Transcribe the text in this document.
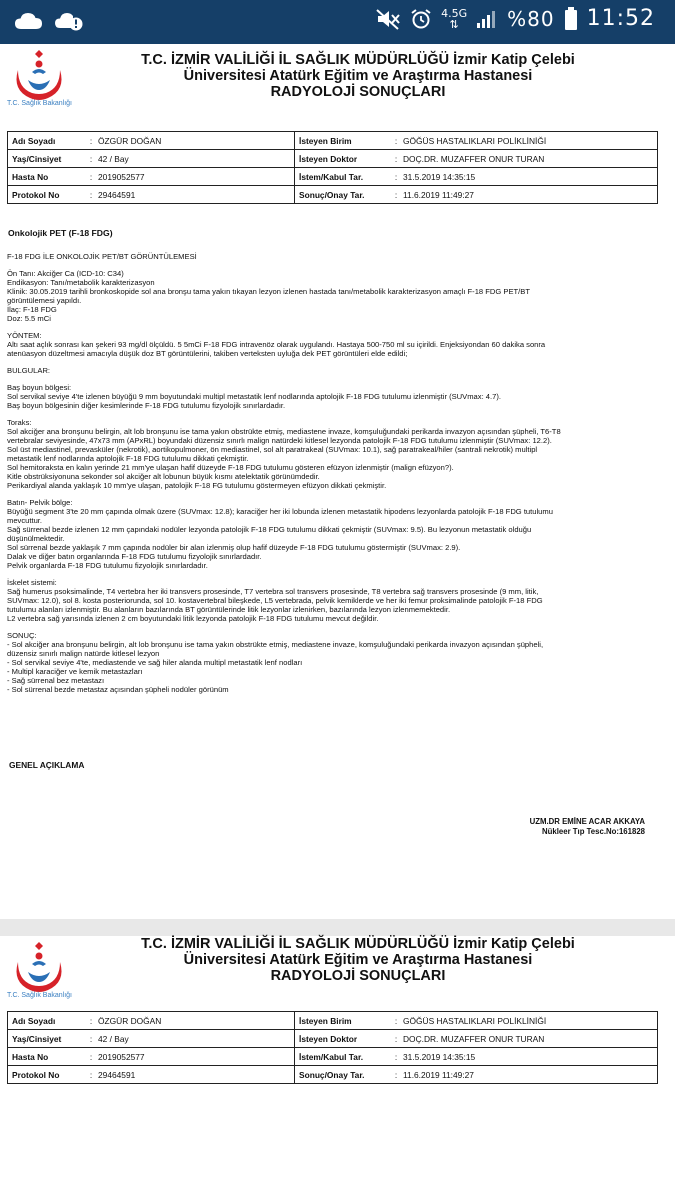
4.5G
⇅	%80 11:52
T.C. Sağlık Bakanlığı
T.C. İZMİR VALİLİĞİ İL SAĞLIK MÜDÜRLÜĞÜ İzmir Katip Çelebi
Üniversitesi Atatürk Eğitim ve Araştırma Hastanesi
RADYOLOJİ SONUÇLARI
Adı Soyadı	:	ÖZGÜR DOĞAN	İsteyen Birim	:	GÖĞÜS HASTALIKLARI POLİKLİNİĞİ
Yaş/Cinsiyet	:	42 / Bay	İsteyen Doktor	:	DOÇ.DR. MUZAFFER ONUR TURAN
Hasta No	:	2019052577	İstem/Kabul Tar.	:	31.5.2019 14:35:15
Protokol No	:	29464591	Sonuç/Onay Tar.	:	11.6.2019 11:49:27
Onkolojik PET (F-18 FDG)

F-18 FDG İLE ONKOLOJİK PET/BT GÖRÜNTÜLEMESİ

Ön Tanı: Akciğer Ca (ICD-10: C34)

Endikasyon: Tanı/metabolik karakterizasyon

Klinik: 30.05.2019 tarihli bronkoskopide sol ana bronşu tama yakın tıkayan lezyon izlenen hastada tanı/metabolik karakterizasyon amaçlı F-18 FDG PET/BT

görüntülemesi yapıldı.

İlaç: F-18 FDG

Doz: 5.5 mCi

YÖNTEM:

Altı saat açlık sonrası kan şekeri 93 mg/dl ölçüldü. 5 5mCi F-18 FDG intravenöz olarak uygulandı. Hastaya 500-750 ml su içirildi. Enjeksiyondan 60 dakika sonra

atenüasyon düzeltmesi amacıyla düşük doz BT görüntülerini, takiben verteksten uyluğa dek PET görüntüleri elde edildi;

BULGULAR:

Baş boyun bölgesi:

Sol servikal seviye 4'te izlenen büyüğü 9 mm boyutundaki multipl metastatik lenf nodlarında aptolojik F-18 FDG tutulumu izlenmiştir (SUVmax: 4.7).

Baş boyun bölgesinin diğer kesimlerinde F-18 FDG tutulumu fizyolojik sınırlardadır.

Toraks:

Sol akciğer ana bronşunu belirgin, alt lob bronşunu ise tama yakın obstrükte etmiş, mediastene invaze, komşuluğundaki perikarda invazyon açısından şüpheli, T6-T8

vertebralar seviyesinde, 47x73 mm (APxRL) boyundaki düzensiz sınırlı malign natürdeki kitlesel lezyonda patolojik F-18 FDG tutulumu izlenmiştir (SUVmax: 12.2).

Sol üst mediastinel, prevasküler (nekrotik), aortikopulmoner, ön mediastinel, sol alt paratrakeal (SUVmax: 10.1), sağ paratrakeal/hiler (santrali nekrotik) multipl

metastatik lenf nodlarında aptolojik F-18 FDG tutulumu dikkati çekmiştir.

Sol hemitorakstа en kalın yerinde 21 mm'ye ulaşan hafif düzeyde F-18 FDG tutulumu gösteren efüzyon izlenmiştir (malign efüzyon?).

Kitle obstrüksiyonuna sekonder sol akciğer alt lobunun büyük kısmı atelektatik görünümdedir.

Perikardiyal alanda yaklaşık 10 mm'ye ulaşan, patolojik F-18 FG tutulumu göstermeyen efüzyon dikkati çekmiştir.

Batın- Pelvik bölge:

Büyüğü segment 3'te 20 mm çapında olmak üzere (SUVmax: 12.8); karaciğer her iki lobunda izlenen metastatik hipodens lezyonlarda patolojik F-18 FDG tutulumu

mevcuttur.

Sağ sürrenal bezde izlenen 12 mm çapındaki nodüler lezyonda patolojik F-18 FDG tutulumu dikkati çekmiştir (SUVmax: 9.5). Bu lezyonun metastatik olduğu

düşünülmektedir.

Sol sürrenal bezde yaklaşık 7 mm çapında nodüler bir alan izlenmiş olup hafif düzeyde F-18 FDG tutulumu göstermiştir (SUVmax: 2.9).

Dalak ve diğer batın organlarında F-18 FDG tutulumu fizyolojik sınırlardadır.

Pelvik organlarda F-18 FDG tutulumu fizyolojik sınırlardadır.

İskelet sistemi:

Sağ humerus psoksimalinde, T4 vertebra her iki transvers prosesinde, T7 vertebra sol transvers prosesinde, T8 vertebra sağ transvers prosesinde (9 mm, litik,

SUVmax: 12.0), sol 8. kosta posteriorunda, sol 10. kostavertebral bileşkede, L5 vertebrada, pelvik kemiklerde ve her iki femur proksimalinde patolojik F-18 FDG

tutulumu alanları izlenmiştir. Bu alanların bazılarında BT görüntülerinde litik lezyonlar izlenirken, bazılarında lezyon izlenmemektedir.

L2 vertebra sağ yarısında izlenen 2 cm boyutundaki litik lezyonda patolojik F-18 FDG tutulumu mevcut değildir.

SONUÇ:

- Sol akciğer ana bronşunu belirgin, alt lob bronşunu ise tama yakın obstrükte etmiş, mediastene invaze, komşuluğundaki perikarda invazyon açısından şüpheli,

düzensiz sınırlı malign natürde kitlesel lezyon

- Sol servikal seviye 4'te, mediastende ve sağ hiler alanda multipl metastatik lenf nodları

- Multipl karaciğer ve kemik metastazları

- Sağ sürrenal bez metastazı

- Sol sürrenal bezde metastaz açısından şüpheli nodüler görünüm

GENEL AÇIKLAMA
UZM.DR EMİNE ACAR AKKAYA
Nükleer Tıp Tesc.No:161828
T.C. Sağlık Bakanlığı
T.C. İZMİR VALİLİĞİ İL SAĞLIK MÜDÜRLÜĞÜ İzmir Katip Çelebi
Üniversitesi Atatürk Eğitim ve Araştırma Hastanesi
RADYOLOJİ SONUÇLARI
Adı Soyadı	:	ÖZGÜR DOĞAN	İsteyen Birim	:	GÖĞÜS HASTALIKLARI POLİKLİNİĞİ
Yaş/Cinsiyet	:	42 / Bay	İsteyen Doktor	:	DOÇ.DR. MUZAFFER ONUR TURAN
Hasta No	:	2019052577	İstem/Kabul Tar.	:	31.5.2019 14:35:15
Protokol No	:	29464591	Sonuç/Onay Tar.	:	11.6.2019 11:49:27
